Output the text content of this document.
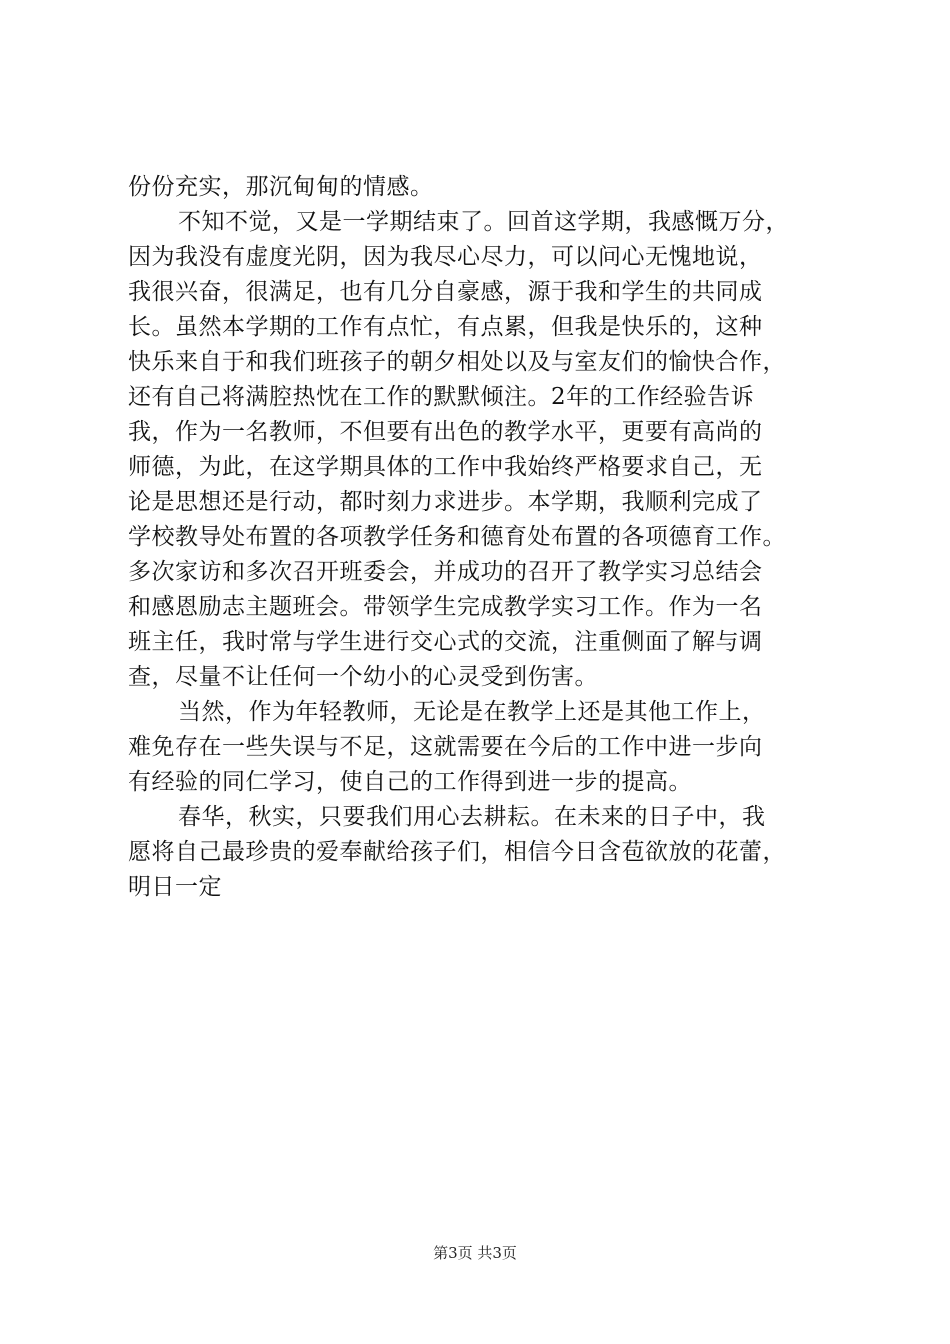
份份充实，那沉甸甸的情感。
不知不觉，又是一学期结束了。回首这学期，我感慨万分，
因为我没有虚度光阴，因为我尽心尽力，可以问心无愧地说，
我很兴奋，很满足，也有几分自豪感，源于我和学生的共同成
长。虽然本学期的工作有点忙，有点累，但我是快乐的，这种
快乐来自于和我们班孩子的朝夕相处以及与室友们的愉快合作，
还有自己将满腔热忱在工作的默默倾注。2年的工作经验告诉
我，作为一名教师，不但要有出色的教学水平，更要有高尚的
师德，为此，在这学期具体的工作中我始终严格要求自己，无
论是思想还是行动，都时刻力求进步。本学期，我顺利完成了
学校教导处布置的各项教学任务和德育处布置的各项德育工作。
多次家访和多次召开班委会，并成功的召开了教学实习总结会
和感恩励志主题班会。带领学生完成教学实习工作。作为一名
班主任，我时常与学生进行交心式的交流，注重侧面了解与调
查，尽量不让任何一个幼小的心灵受到伤害。
当然，作为年轻教师，无论是在教学上还是其他工作上，
难免存在一些失误与不足，这就需要在今后的工作中进一步向
有经验的同仁学习，使自己的工作得到进一步的提高。
春华，秋实，只要我们用心去耕耘。在未来的日子中，我
愿将自己最珍贵的爱奉献给孩子们，相信今日含苞欲放的花蕾，
明日一定
第3页 共3页
